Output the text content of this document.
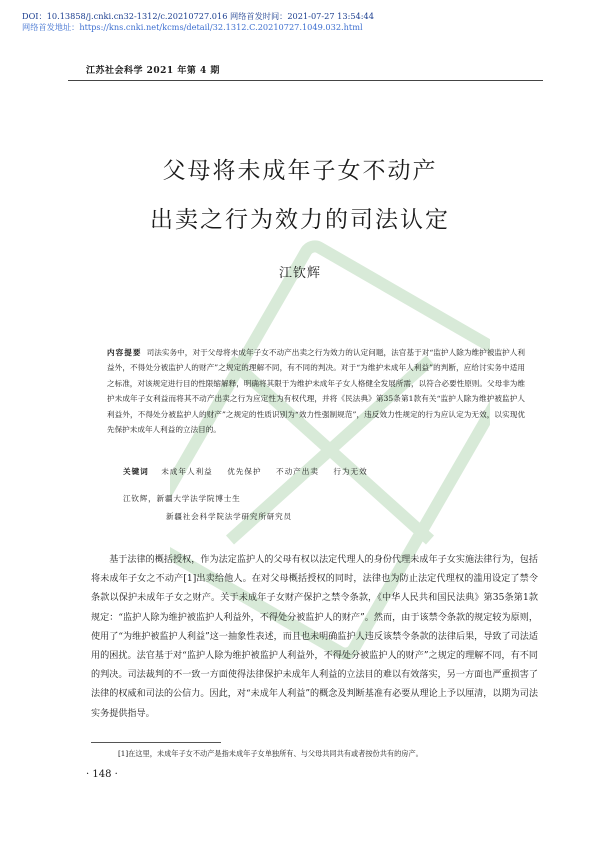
DOI：10.13858/j.cnki.cn32-1312/c.20210727.016 网络首发时间：2021-07-27 13:54:44
网络首发地址：https://kns.cnki.net/kcms/detail/32.1312.C.20210727.1049.032.html
江苏社会科学 2021 年第 4 期
父母将未成年子女不动产
出卖之行为效力的司法认定
江钦辉
内容提要 司法实务中，对于父母将未成年子女不动产出卖之行为效力的认定问题，法官基于对“监护人除为维护被监护人利益外，不得处分被监护人的财产”之规定的理解不同，有不同的判决。对于“为维护未成年人利益”的判断，应给讨实务中适用之标准，对该规定进行目的性限缩解释，明确将其限于为维护未成年子女人格健全发展所需，以符合必要性原则。父母非为维护未成年子女利益而将其不动产出卖之行为应定性为有权代理，并将《民法典》第35条第1款有关“监护人除为维护被监护人利益外，不得处分被监护人的财产”之规定的性质识别为“效力性强制规范”，违反效力性规定的行为应认定为无效，以实现优先保护未成年人利益的立法目的。
关键词 未成年人利益 优先保护 不动产出卖 行为无效
江钦辉，新疆大学法学院博士生
新疆社会科学院法学研究所研究员
基于法律的概括授权，作为法定监护人的父母有权以法定代理人的身份代理未成年子女实施法律行为，包括将未成年子女之不动产[1]出卖给他人。在对父母概括授权的同时，法律也为防止法定代理权的滥用设定了禁令条款以保护未成年子女之财产。关于未成年子女财产保护之禁令条款，《中华人民共和国民法典》第35条第1款规定：“监护人除为维护被监护人利益外，不得处分被监护人的财产”。然而，由于该禁令条款的规定较为原则，使用了“为维护被监护人利益”这一抽象性表述，而且也未明确监护人违反该禁令条款的法律后果，导致了司法适用的困扰。法官基于对“监护人除为维护被监护人利益外，不得处分被监护人的财产”之规定的理解不同，有不同的判决。司法裁判的不一致一方面使得法律保护未成年人利益的立法目的难以有效落实，另一方面也严重损害了法律的权威和司法的公信力。因此，对“未成年人利益”的概念及判断基准有必要从理论上予以厘清，以期为司法实务提供指导。
[1]在这里，未成年子女不动产是指未成年子女单独所有、与父母共同共有或者按份共有的房产。
· 148 ·
